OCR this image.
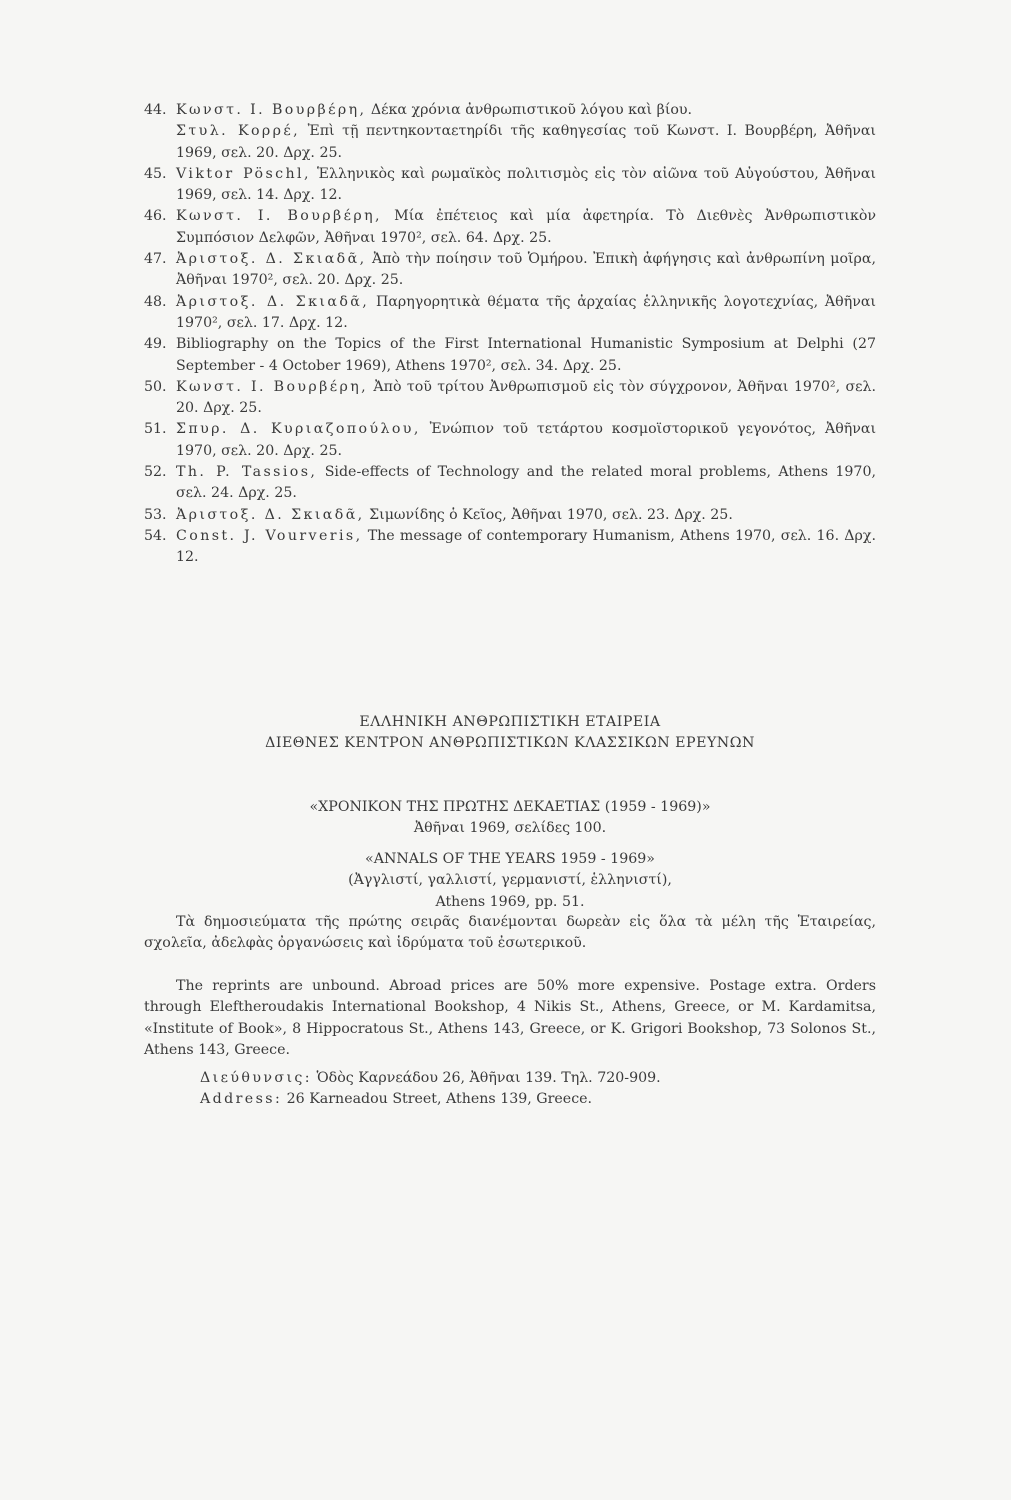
44. Κωνστ. Ι. Βουρβέρη, Δέκα χρόνια ἀνθρωπιστικοῦ λόγου καὶ βίου.
Στυλ. Κορρέ, Ἐπὶ τῇ πεντηκονταετηρίδι τῆς καθηγεσίας τοῦ Κωνστ. Ι. Βουρβέρη, Ἀθῆναι 1969, σελ. 20. Δρχ. 25.
45. Viktor Pöschl, Ἑλληνικὸς καὶ ρωμαϊκὸς πολιτισμὸς εἰς τὸν αἰῶνα τοῦ Αὐγούστου, Ἀθῆναι 1969, σελ. 14. Δρχ. 12.
46. Κωνστ. Ι. Βουρβέρη, Μία ἐπέτειος καὶ μία ἀφετηρία. Τὸ Διεθνὲς Ἀνθρωπιστικὸν Συμπόσιον Δελφῶν, Ἀθῆναι 1970², σελ. 64. Δρχ. 25.
47. Ἀριστοξ. Δ. Σκιαδᾶ, Ἀπὸ τὴν ποίησιν τοῦ Ὁμήρου. Ἐπικὴ ἀφήγησις καὶ ἀνθρωπίνη μοῖρα, Ἀθῆναι 1970², σελ. 20. Δρχ. 25.
48. Ἀριστοξ. Δ. Σκιαδᾶ, Παρηγορητικὰ θέματα τῆς ἀρχαίας ἑλληνικῆς λογοτεχνίας, Ἀθῆναι 1970², σελ. 17. Δρχ. 12.
49. Bibliography on the Topics of the First International Humanistic Symposium at Delphi (27 September - 4 October 1969), Athens 1970², σελ. 34. Δρχ. 25.
50. Κωνστ. Ι. Βουρβέρη, Ἀπὸ τοῦ τρίτου Ἀνθρωπισμοῦ εἰς τὸν σύγχρονον, Ἀθῆναι 1970², σελ. 20. Δρχ. 25.
51. Σπυρ. Δ. Κυριαζοπούλου, Ἐνώπιον τοῦ τετάρτου κοσμοϊστορικοῦ γεγονότος, Ἀθῆναι 1970, σελ. 20. Δρχ. 25.
52. Th. P. Tassios, Side-effects of Technology and the related moral problems, Athens 1970, σελ. 24. Δρχ. 25.
53. Ἀριστοξ. Δ. Σκιαδᾶ, Σιμωνίδης ὁ Κεῖος, Ἀθῆναι 1970, σελ. 23. Δρχ. 25.
54. Const. J. Vourveris, The message of contemporary Humanism, Athens 1970, σελ. 16. Δρχ. 12.
ΕΛΛΗΝΙΚΗ ΑΝΘΡΩΠΙΣΤΙΚΗ ΕΤΑΙΡΕΙΑ
ΔΙΕΘΝΕΣ ΚΕΝΤΡΟΝ ΑΝΘΡΩΠΙΣΤΙΚΩΝ ΚΛΑΣΣΙΚΩΝ ΕΡΕΥΝΩΝ
«ΧΡΟΝΙΚΟΝ ΤΗΣ ΠΡΩΤΗΣ ΔΕΚΑΕΤΙΑΣ (1959 - 1969)»
Ἀθῆναι 1969, σελίδες 100.
«ANNALS OF THE YEARS 1959 - 1969»
(Ἀγγλιστί, γαλλιστί, γερμανιστί, ἑλληνιστί),
Athens 1969, pp. 51.
Τὰ δημοσιεύματα τῆς πρώτης σειρᾶς διανέμονται δωρεὰν εἰς ὅλα τὰ μέλη τῆς Ἑταιρείας, σχολεῖα, ἀδελφὰς ὀργανώσεις καὶ ἱδρύματα τοῦ ἐσωτερικοῦ.
The reprints are unbound. Abroad prices are 50% more expensive. Postage extra. Orders through Eleftheroudakis International Bookshop, 4 Nikis St., Athens, Greece, or M. Kardamitsa, «Institute of Book», 8 Hippocratous St., Athens 143, Greece, or K. Grigori Bookshop, 73 Solonos St., Athens 143, Greece.
Διεύθυνσις: Ὁδὸς Καρνεάδου 26, Ἀθῆναι 139. Τηλ. 720-909.
Address: 26 Karneadou Street, Athens 139, Greece.
